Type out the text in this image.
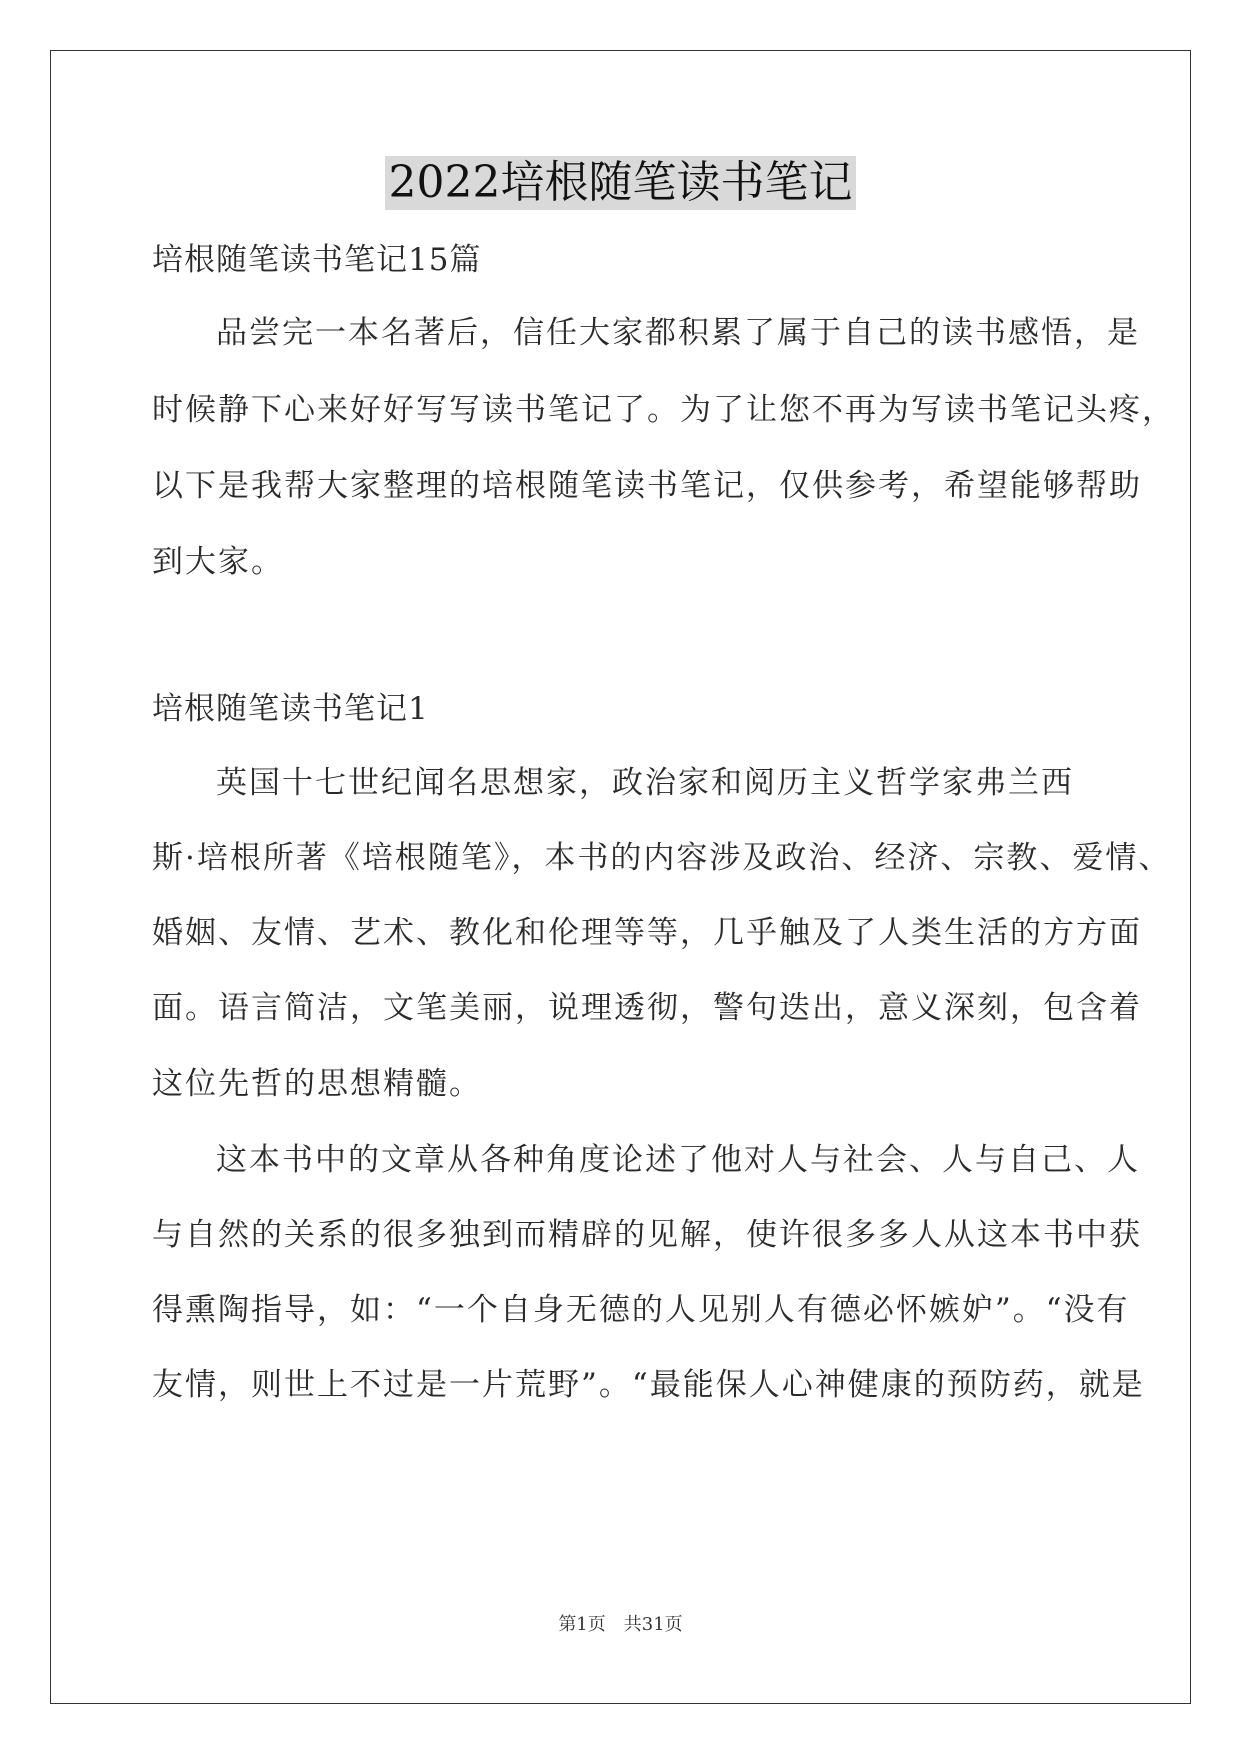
2022培根随笔读书笔记
培根随笔读书笔记15篇
品尝完一本名著后，信任大家都积累了属于自己的读书感悟，是
时候静下心来好好写写读书笔记了。为了让您不再为写读书笔记头疼，
以下是我帮大家整理的培根随笔读书笔记，仅供参考，希望能够帮助
到大家。
培根随笔读书笔记1
英国十七世纪闻名思想家，政治家和阅历主义哲学家弗兰西
斯·培根所著《培根随笔》，本书的内容涉及政治、经济、宗教、爱情、
婚姻、友情、艺术、教化和伦理等等，几乎触及了人类生活的方方面
面。语言简洁，文笔美丽，说理透彻，警句迭出，意义深刻，包含着
这位先哲的思想精髓。
这本书中的文章从各种角度论述了他对人与社会、人与自己、人
与自然的关系的很多独到而精辟的见解，使许很多多人从这本书中获
得熏陶指导，如：“一个自身无德的人见别人有德必怀嫉妒”。“没有
友情，则世上不过是一片荒野”。“最能保人心神健康的预防药，就是
第1页　共31页
